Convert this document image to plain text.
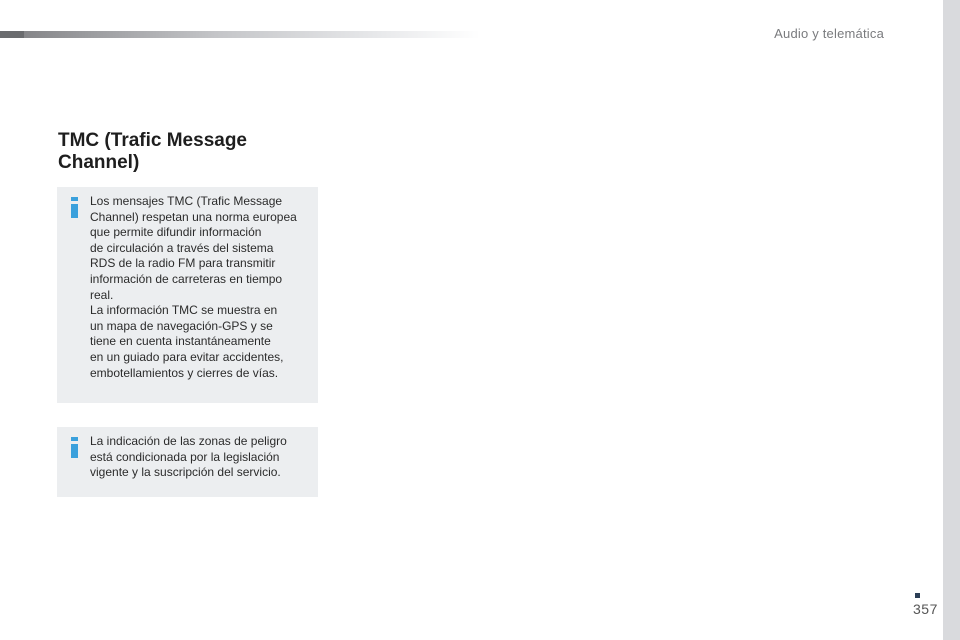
Audio y telemática
TMC (Trafic Message
Channel)

Los mensajes TMC (Trafic Message
Channel) respetan una norma europea
que permite difundir información
de circulación a través del sistema
RDS de la radio FM para transmitir
información de carreteras en tiempo
real.
La información TMC se muestra en
un mapa de navegación-GPS y se
tiene en cuenta instantáneamente
en un guiado para evitar accidentes,
embotellamientos y cierres de vías.

La indicación de las zonas de peligro
está condicionada por la legislación
vigente y la suscripción del servicio.

357
